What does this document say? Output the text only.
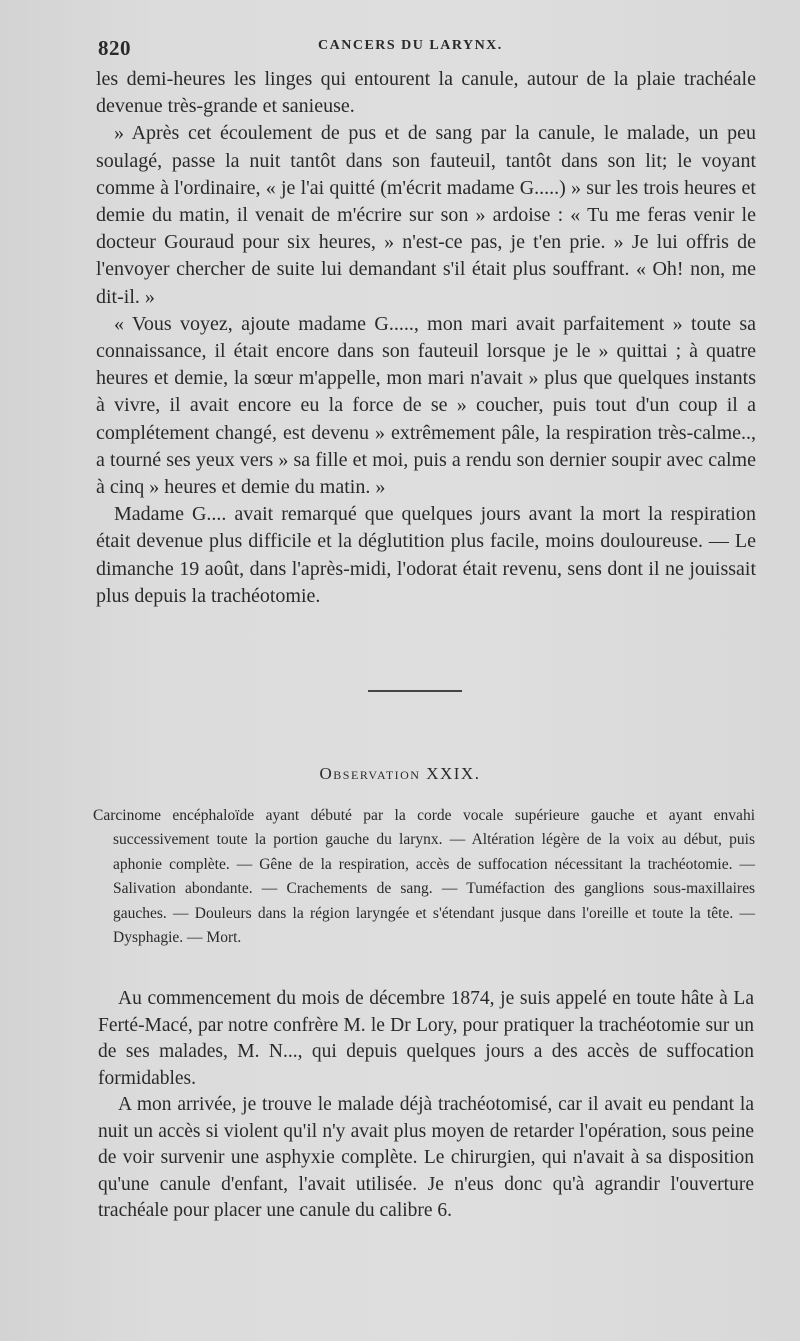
820	CANCERS DU LARYNX.

les demi-heures les linges qui entourent la canule, autour de la plaie trachéale devenue très-grande et sanieuse.

» Après cet écoulement de pus et de sang par la canule, le malade, un peu soulagé, passe la nuit tantôt dans son fauteuil, tantôt dans son lit; le voyant comme à l'ordinaire, « je l'ai quitté (m'écrit madame G.....) » sur les trois heures et demie du matin, il venait de m'écrire sur son » ardoise : « Tu me feras venir le docteur Gouraud pour six heures, » n'est-ce pas, je t'en prie. » Je lui offris de l'envoyer chercher de suite lui demandant s'il était plus souffrant. « Oh! non, me dit-il. »

« Vous voyez, ajoute madame G....., mon mari avait parfaitement » toute sa connaissance, il était encore dans son fauteuil lorsque je le » quittai ; à quatre heures et demie, la sœur m'appelle, mon mari n'avait » plus que quelques instants à vivre, il avait encore eu la force de se » coucher, puis tout d'un coup il a complétement changé, est devenu » extrêmement pâle, la respiration très-calme.., a tourné ses yeux vers » sa fille et moi, puis a rendu son dernier soupir avec calme à cinq » heures et demie du matin. »

Madame G.... avait remarqué que quelques jours avant la mort la respiration était devenue plus difficile et la déglutition plus facile, moins douloureuse. — Le dimanche 19 août, dans l'après-midi, l'odorat était revenu, sens dont il ne jouissait plus depuis la trachéotomie.

Observation XXIX.

Carcinome encéphaloïde ayant débuté par la corde vocale supérieure gauche et ayant envahi successivement toute la portion gauche du larynx. — Altération légère de la voix au début, puis aphonie complète. — Gêne de la respiration, accès de suffocation nécessitant la trachéotomie. — Salivation abondante. — Crachements de sang. — Tuméfaction des ganglions sous-maxillaires gauches. — Douleurs dans la région laryngée et s'étendant jusque dans l'oreille et toute la tête. — Dysphagie. — Mort.

Au commencement du mois de décembre 1874, je suis appelé en toute hâte à La Ferté-Macé, par notre confrère M. le Dr Lory, pour pratiquer la trachéotomie sur un de ses malades, M. N..., qui depuis quelques jours a des accès de suffocation formidables.

A mon arrivée, je trouve le malade déjà trachéotomisé, car il avait eu pendant la nuit un accès si violent qu'il n'y avait plus moyen de retarder l'opération, sous peine de voir survenir une asphyxie complète. Le chirurgien, qui n'avait à sa disposition qu'une canule d'enfant, l'avait utilisée. Je n'eus donc qu'à agrandir l'ouverture trachéale pour placer une canule du calibre 6.
